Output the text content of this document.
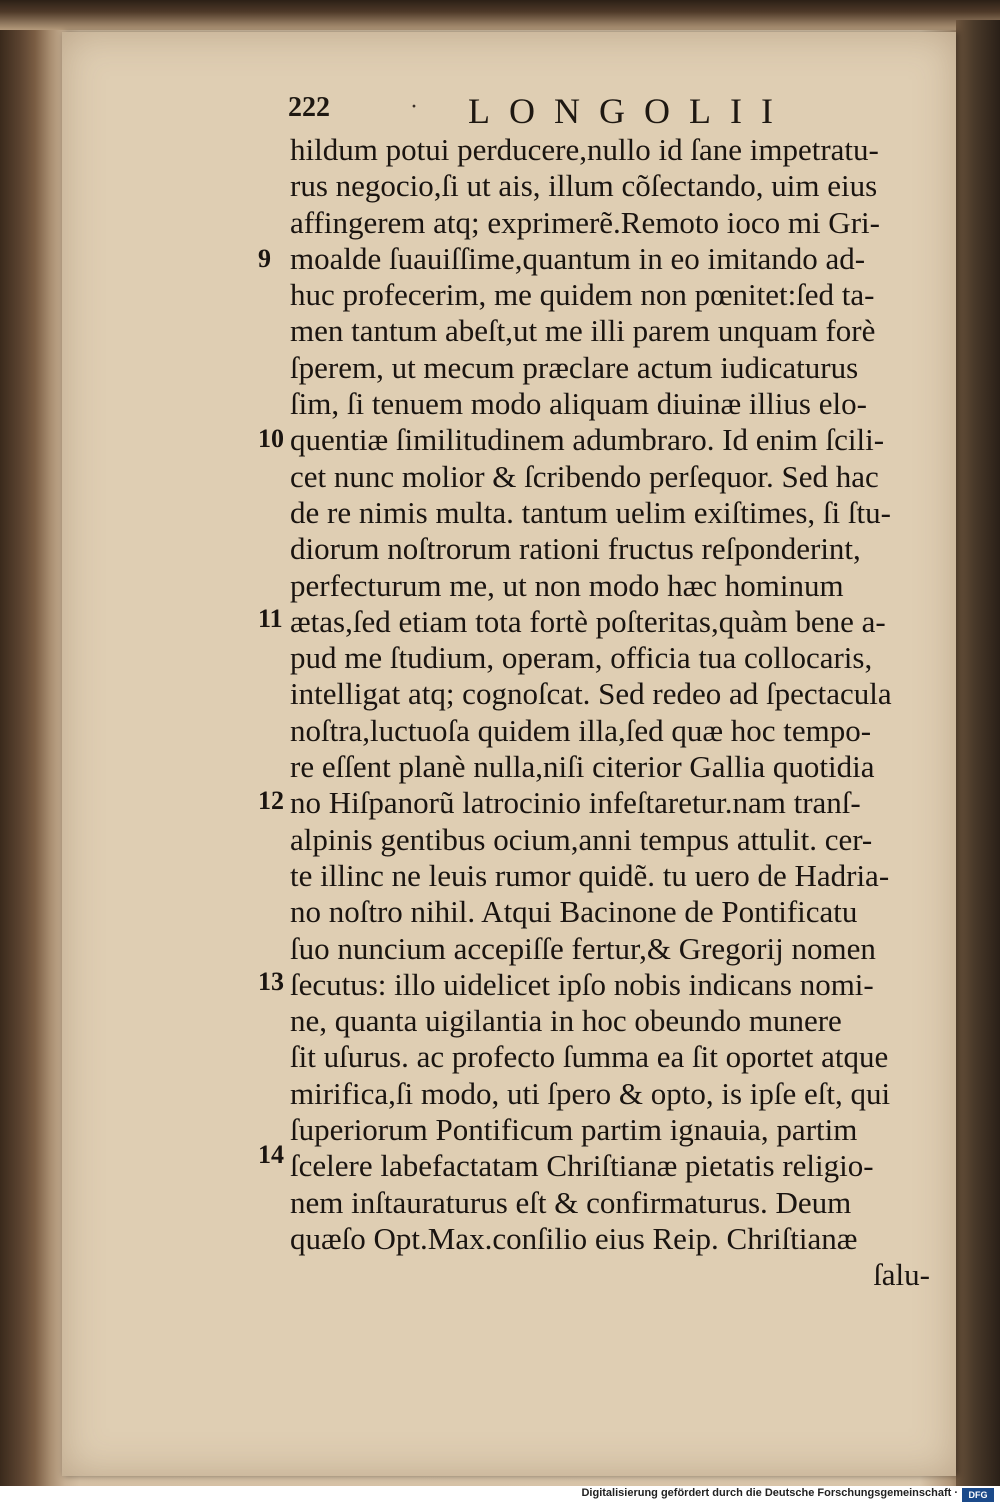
222	· LONGOLII
9
10
11
12
13
14
hildum potui perducere,nullo id ſane impetratu-
rus negocio,ſi ut ais, illum cõſectando, uim eius
affingerem atq; exprimerẽ.Remoto ioco mi Gri-
moalde ſuauiſſime,quantum in eo imitando ad-
huc profecerim, me quidem non pœnitet:ſed ta-
men tantum abeſt,ut me illi parem unquam forè
ſperem, ut mecum præclare actum iudicaturus
ſim, ſi tenuem modo aliquam diuinæ illius elo-
quentiæ ſimilitudinem adumbraro. Id enim ſcili-
cet nunc molior & ſcribendo perſequor. Sed hac
de re nimis multa. tantum uelim exiſtimes, ſi ſtu-
diorum noſtrorum rationi fructus reſponderint,
perfecturum me, ut non modo hæc hominum
ætas,ſed etiam tota fortè poſteritas,quàm bene a-
pud me ſtudium, operam, officia tua collocaris,
intelligat atq; cognoſcat. Sed redeo ad ſpectacula
noſtra,luctuoſa quidem illa,ſed quæ hoc tempo-
re eſſent planè nulla,niſi citerior Gallia quotidia
no Hiſpanorũ latrocinio infeſtaretur.nam tranſ-
alpinis gentibus ocium,anni tempus attulit. cer-
te illinc ne leuis rumor quidẽ. tu uero de Hadria-
no noſtro nihil. Atqui Bacinone de Pontificatu
ſuo nuncium accepiſſe fertur,& Gregorij nomen
ſecutus: illo uidelicet ipſo nobis indicans nomi-
ne, quanta uigilantia in hoc obeundo munere
ſit uſurus. ac profecto ſumma ea ſit oportet atque
mirifica,ſi modo, uti ſpero & opto, is ipſe eſt, qui
ſuperiorum Pontificum partim ignauia, partim
ſcelere labefactatam Chriſtianæ pietatis religio-
nem inſtauraturus eſt & confirmaturus. Deum
quæſo Opt.Max.conſilio eius Reip. Chriſtianæ
ſalu-
Digitalisierung gefördert durch die Deutsche Forschungsgemeinschaft ·	DFG
